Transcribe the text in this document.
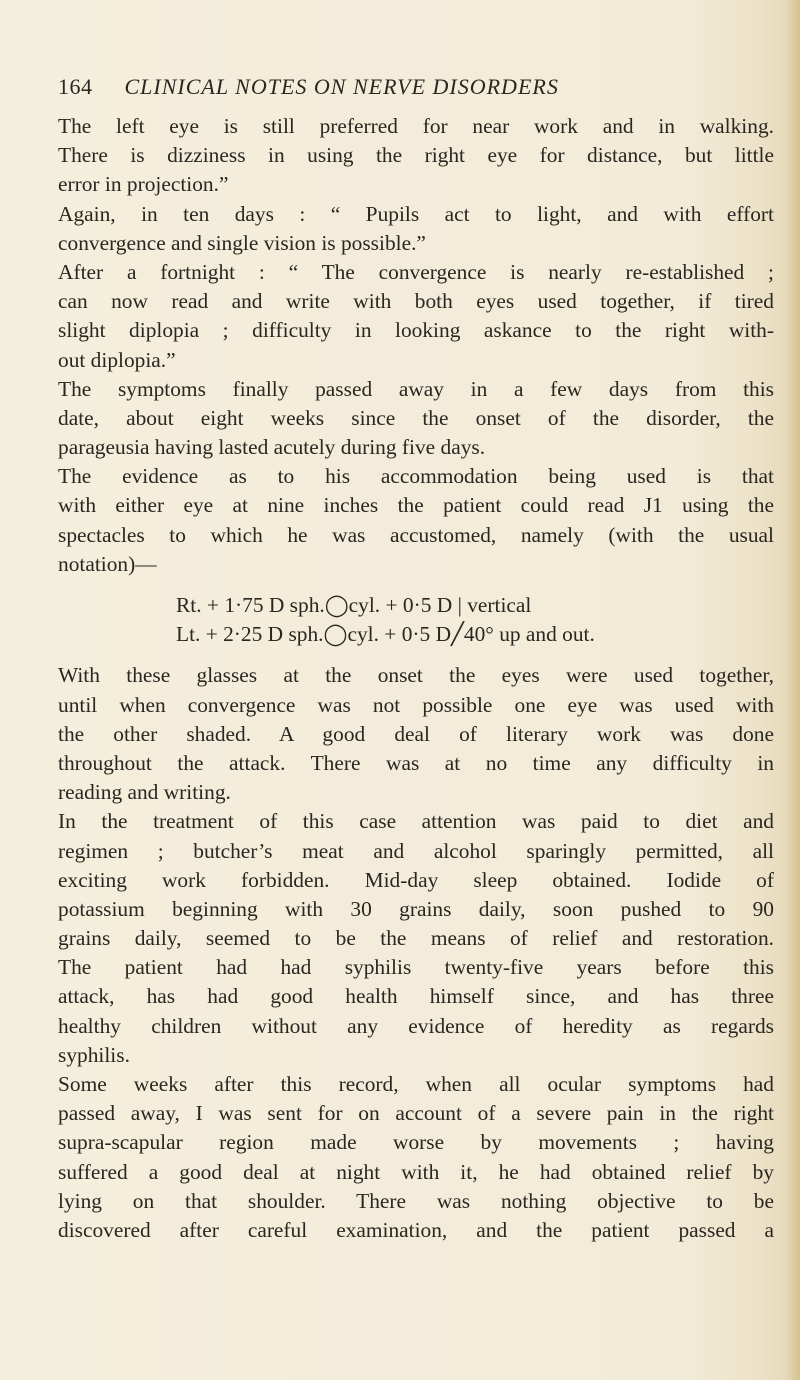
164 CLINICAL NOTES ON NERVE DISORDERS
The left eye is still preferred for near work and in walking.
There is dizziness in using the right eye for distance, but little
error in projection.”
Again, in ten days : “ Pupils act to light, and with effort
convergence and single vision is possible.”
After a fortnight : “ The convergence is nearly re-established ;
can now read and write with both eyes used together, if tired
slight diplopia ; difficulty in looking askance to the right with-
out diplopia.”
The symptoms finally passed away in a few days from this
date, about eight weeks since the onset of the disorder, the
parageusia having lasted acutely during five days.
The evidence as to his accommodation being used is that
with either eye at nine inches the patient could read J1 using the
spectacles to which he was accustomed, namely (with the usual
notation)—
Rt. + 1·75 D sph.◯cyl. + 0·5 D | vertical
Lt. + 2·25 D sph.◯cyl. + 0·5 D╱40° up and out.
With these glasses at the onset the eyes were used together,
until when convergence was not possible one eye was used with
the other shaded. A good deal of literary work was done
throughout the attack. There was at no time any difficulty in
reading and writing.
In the treatment of this case attention was paid to diet and
regimen ; butcher’s meat and alcohol sparingly permitted, all
exciting work forbidden. Mid-day sleep obtained. Iodide of
potassium beginning with 30 grains daily, soon pushed to 90
grains daily, seemed to be the means of relief and restoration.
The patient had had syphilis twenty-five years before this
attack, has had good health himself since, and has three
healthy children without any evidence of heredity as regards
syphilis.
Some weeks after this record, when all ocular symptoms had
passed away, I was sent for on account of a severe pain in the right
supra-scapular region made worse by movements ; having
suffered a good deal at night with it, he had obtained relief by
lying on that shoulder. There was nothing objective to be
discovered after careful examination, and the patient passed a
